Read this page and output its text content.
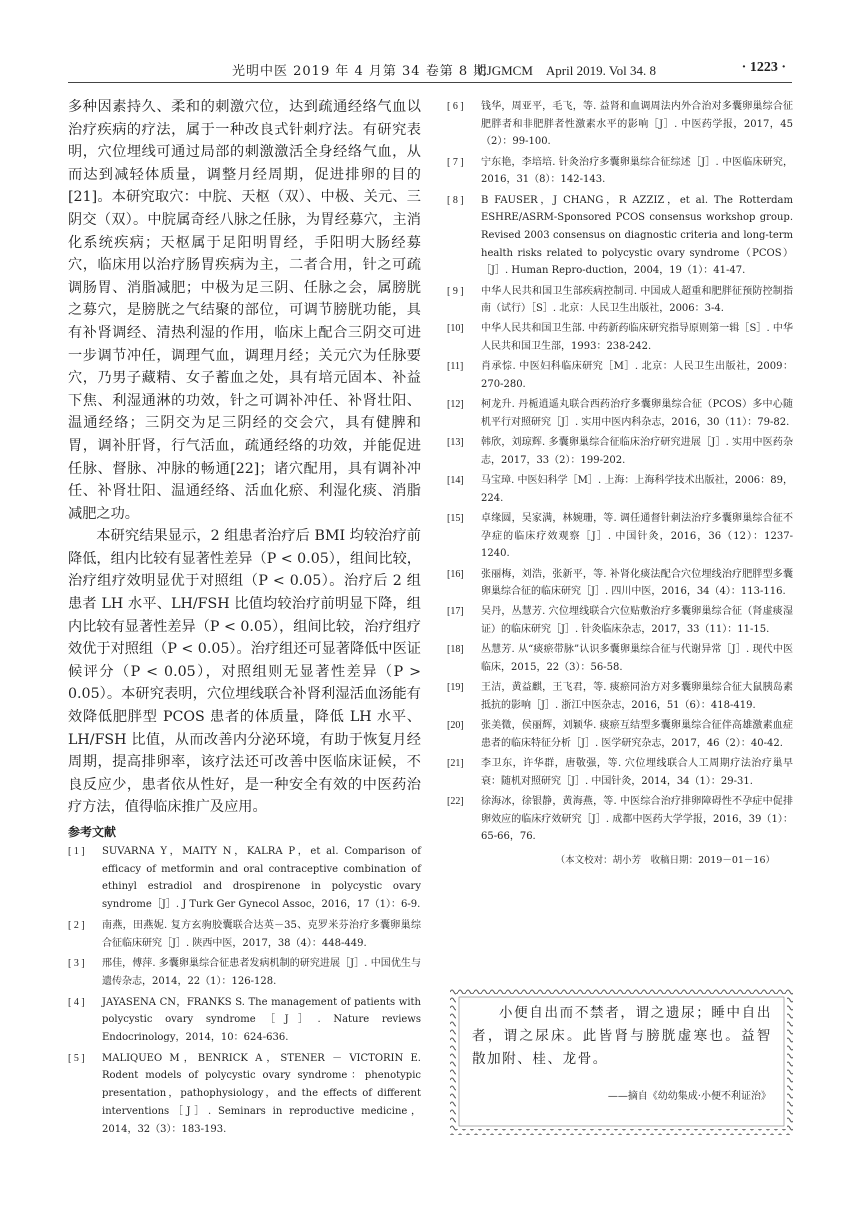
光明中医 2019 年 4 月第 34 卷第 8 期
CJGMCM　April 2019. Vol 34. 8	· 1223 ·

多种因素持久、柔和的刺激穴位，达到疏通经络气血以治疗疾病的疗法，属于一种改良式针刺疗法。有研究表明，穴位埋线可通过局部的刺激激活全身经络气血，从而达到减轻体质量，调整月经周期，促进排卵的目的[21]。本研究取穴：中脘、天枢（双）、中极、关元、三阴交（双）。中脘属奇经八脉之任脉，为胃经募穴，主消化系统疾病；天枢属于足阳明胃经，手阳明大肠经募穴，临床用以治疗肠胃疾病为主，二者合用，针之可疏调肠胃、消脂减肥；中极为足三阴、任脉之会，属膀胱之募穴，是膀胱之气结聚的部位，可调节膀胱功能，具有补肾调经、清热利湿的作用，临床上配合三阴交可进一步调节冲任，调理气血，调理月经；关元穴为任脉要穴，乃男子藏精、女子蓄血之处，具有培元固本、补益下焦、利湿通淋的功效，针之可调补冲任、补肾壮阳、温通经络；三阴交为足三阴经的交会穴，具有健脾和胃，调补肝肾，行气活血，疏通经络的功效，并能促进任脉、督脉、冲脉的畅通[22]；诸穴配用，具有调补冲任、补肾壮阳、温通经络、活血化瘀、利湿化痰、消脂减肥之功。

本研究结果显示，2 组患者治疗后 BMI 均较治疗前降低，组内比较有显著性差异（P < 0.05），组间比较，治疗组疗效明显优于对照组（P < 0.05）。治疗后 2 组患者 LH 水平、LH/FSH 比值均较治疗前明显下降，组内比较有显著性差异（P < 0.05），组间比较，治疗组疗效优于对照组（P < 0.05）。治疗组还可显著降低中医证候评分（P < 0.05），对照组则无显著性差异（P > 0.05）。本研究表明，穴位埋线联合补肾利湿活血汤能有效降低肥胖型 PCOS 患者的体质量，降低 LH 水平、LH/FSH 比值，从而改善内分泌环境，有助于恢复月经周期，提高排卵率，该疗法还可改善中医临床证候，不良反应少，患者依从性好，是一种安全有效的中医药治疗方法，值得临床推广及应用。

参考文献
[ 1 ]	SUVARNA Y，MAITY N，KALRA P，et al. Comparison of efficacy of metformin and oral contraceptive combination of ethinyl estradiol and drospirenone in polycystic ovary syndrome［J］. J Turk Ger Gynecol Assoc，2016，17（1）：6-9.
[ 2 ]	南燕，田燕妮. 复方玄驹胶囊联合达英－35、克罗米芬治疗多囊卵巢综合征临床研究［J］. 陕西中医，2017，38（4）：448-449.
[ 3 ]	邢佳，傅萍. 多囊卵巢综合征患者发病机制的研究进展［J］. 中国优生与遗传杂志，2014，22（1）：126-128.
[ 4 ]	JAYASENA CN，FRANKS S. The management of patients with polycystic ovary syndrome［J］. Nature reviews Endocrinology，2014，10：624-636.
[ 5 ]	MALIQUEO M，BENRICK A，STENER － VICTORIN E. Rodent models of polycystic ovary syndrome：phenotypic presentation，pathophysiology，and the effects of different interventions［J］. Seminars in reproductive medicine，2014，32（3）：183-193.
[ 6 ]	钱华，周亚平，毛飞，等. 益肾和血调周法内外合治对多囊卵巢综合征肥胖者和非肥胖者性激素水平的影响［J］. 中医药学报，2017，45（2）：99-100.
[ 7 ]	宁东艳，李培培. 针灸治疗多囊卵巢综合征综述［J］. 中医临床研究，2016，31（8）：142-143.
[ 8 ]	B FAUSER，J CHANG，R AZZIZ，et al. The Rotterdam ESHRE/ASRM-Sponsored PCOS consensus workshop group. Revised 2003 consensus on diagnostic criteria and long-term health risks related to polycystic ovary syndrome（PCOS）［J］. Human Repro-duction，2004，19（1）：41-47.
[ 9 ]	中华人民共和国卫生部疾病控制司. 中国成人超重和肥胖征预防控制指南（试行）［S］. 北京：人民卫生出版社，2006：3-4.
[10]	中华人民共和国卫生部. 中药新药临床研究指导原则第一辑［S］. 中华人民共和国卫生部，1993：238-242.
[11]	肖承悰. 中医妇科临床研究［M］. 北京：人民卫生出版社，2009：270-280.
[12]	柯龙升. 丹栀逍遥丸联合西药治疗多囊卵巢综合征（PCOS）多中心随机平行对照研究［J］. 实用中医内科杂志，2016，30（11）：79-82.
[13]	韩欣，刘琼辉. 多囊卵巢综合征临床治疗研究进展［J］. 实用中医药杂志，2017，33（2）：199-202.
[14]	马宝璋. 中医妇科学［M］. 上海：上海科学技术出版社，2006：89，224.
[15]	卓缘圆，吴家满，林婉珊，等. 调任通督针刺法治疗多囊卵巢综合征不孕症的临床疗效观察［J］. 中国针灸，2016，36（12）：1237-1240.
[16]	张丽梅，刘浩，张新平，等. 补肾化痰法配合穴位埋线治疗肥胖型多囊卵巢综合征的临床研究［J］. 四川中医，2016，34（4）：113-116.
[17]	吴丹，丛慧芳. 穴位埋线联合穴位贴敷治疗多囊卵巢综合征（肾虚痰湿证）的临床研究［J］. 针灸临床杂志，2017，33（11）：11-15.
[18]	丛慧芳. 从“痰瘀带脉”认识多囊卵巢综合征与代谢异常［J］. 现代中医临床，2015，22（3）：56-58.
[19]	王洁，黄益麒，王飞君，等. 痰瘀同治方对多囊卵巢综合征大鼠胰岛素抵抗的影响［J］. 浙江中医杂志，2016，51（6）：418-419.
[20]	张美微，侯丽辉，刘颖华. 痰瘀互结型多囊卵巢综合征伴高雄激素血症患者的临床特征分析［J］. 医学研究杂志，2017，46（2）：40-42.
[21]	李卫东，许华群，唐敬强，等. 穴位埋线联合人工周期疗法治疗巢早衰：随机对照研究［J］. 中国针灸，2014，34（1）：29-31.
[22]	徐海冰，徐银静，黄海燕，等. 中医综合治疗排卵障碍性不孕症中促排卵效应的临床疗效研究［J］. 成都中医药大学学报，2016，39（1）：65-66，76.
（本文校对：胡小芳　收稿日期：2019－01－16）

小便自出而不禁者，谓之遗尿；睡中自出者，谓之尿床。此皆肾与膀胱虚寒也。益智散加附、桂、龙骨。

——摘自《幼幼集成·小便不利证治》
